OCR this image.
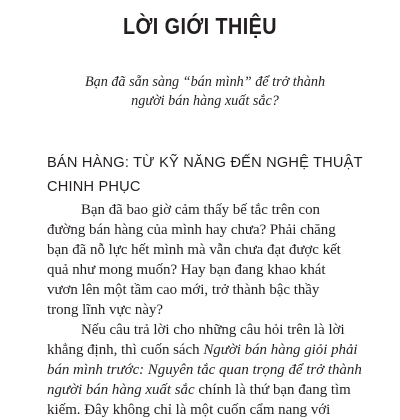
LỜI GIỚI THIỆU
Bạn đã sẵn sàng “bán mình” để trở thành
người bán hàng xuất sắc?
BÁN HÀNG: TỪ KỸ NĂNG ĐẾN NGHỆ THUẬT
CHINH PHỤC
Bạn đã bao giờ cảm thấy bế tắc trên con
đường bán hàng của mình hay chưa? Phải chăng
bạn đã nỗ lực hết mình mà vẫn chưa đạt được kết
quả như mong muốn? Hay bạn đang khao khát
vươn lên một tầm cao mới, trở thành bậc thầy
trong lĩnh vực này?
Nếu câu trả lời cho những câu hỏi trên là lời
khẳng định, thì cuốn sách Người bán hàng giỏi phải
bán mình trước: Nguyên tắc quan trọng để trở thành
người bán hàng xuất sắc chính là thứ bạn đang tìm
kiếm. Đây không chỉ là một cuốn cẩm nang với
